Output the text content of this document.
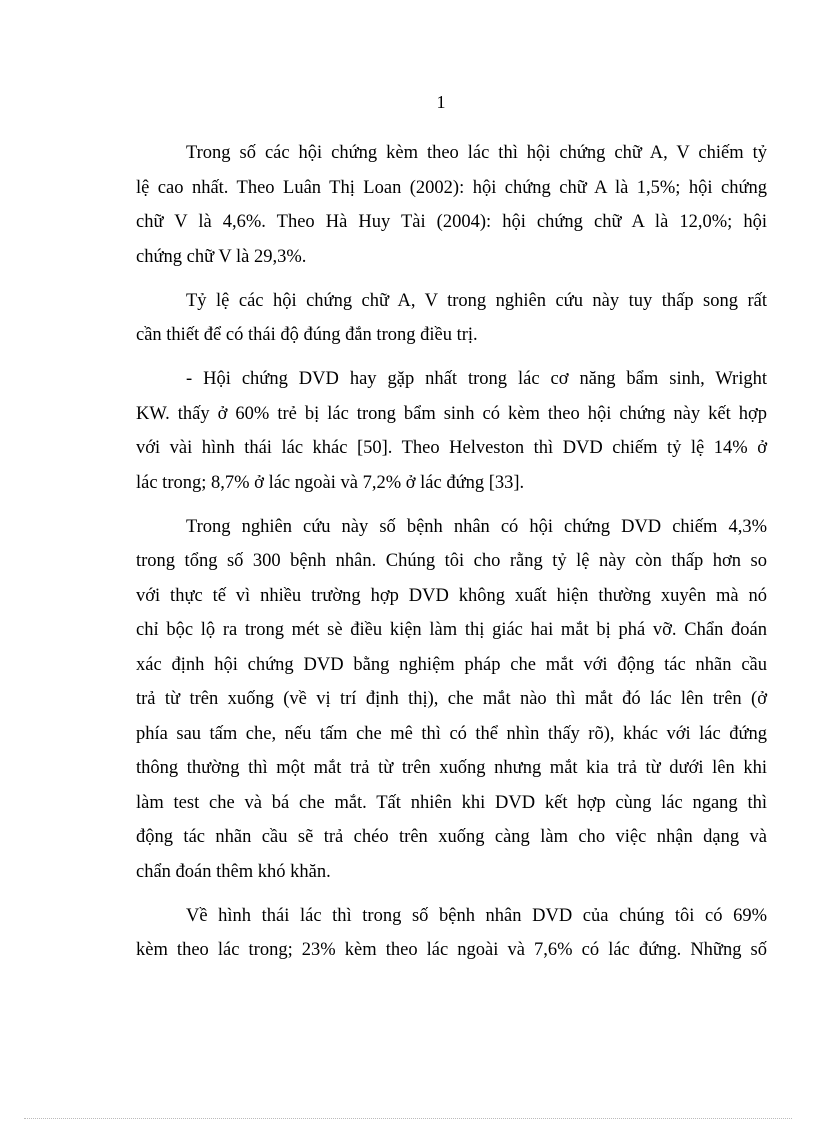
1
Trong số các hội chứng kèm theo lác thì hội chứng chữ A, V chiếm tỷ
lệ cao nhất. Theo Luân Thị Loan (2002): hội chứng chữ A là 1,5%; hội chứng
chữ V là 4,6%. Theo Hà Huy Tài (2004): hội chứng chữ A là 12,0%; hội
chứng chữ V là 29,3%.
Tỷ lệ các hội chứng chữ A, V trong nghiên cứu này tuy thấp song rất
cần thiết để có thái độ đúng đắn trong điều trị.
- Hội chứng DVD hay gặp nhất trong lác cơ năng bẩm sinh, Wright
KW. thấy ở 60% trẻ bị lác trong bẩm sinh có kèm theo hội chứng này kết hợp
với vài hình thái lác khác [50]. Theo Helveston thì DVD chiếm tỷ lệ 14% ở
lác trong; 8,7% ở lác ngoài và 7,2% ở lác đứng [33].
Trong nghiên cứu này số bệnh nhân có hội chứng DVD chiếm 4,3%
trong tổng số 300 bệnh nhân. Chúng tôi cho rằng tỷ lệ này còn thấp hơn so
với thực tế vì nhiều trường hợp DVD không xuất hiện thường xuyên mà nó
chỉ bộc lộ ra trong mét sè điều kiện làm thị giác hai mắt bị phá vỡ. Chẩn đoán
xác định hội chứng DVD bằng nghiệm pháp che mắt với động tác nhãn cầu
trả từ trên xuống (về vị trí định thị), che mắt nào thì mắt đó lác lên trên (ở
phía sau tấm che, nếu tấm che mê thì có thể nhìn thấy rõ), khác với lác đứng
thông thường thì một mắt trả từ trên xuống nhưng mắt kia trả từ dưới lên khi
làm test che và bá che mắt. Tất nhiên khi DVD kết hợp cùng lác ngang thì
động tác nhãn cầu sẽ trả chéo trên xuống càng làm cho việc nhận dạng và
chẩn đoán thêm khó khăn.
Về hình thái lác thì trong số bệnh nhân DVD của chúng tôi có 69%
kèm theo lác trong; 23% kèm theo lác ngoài và 7,6% có lác đứng. Những số
